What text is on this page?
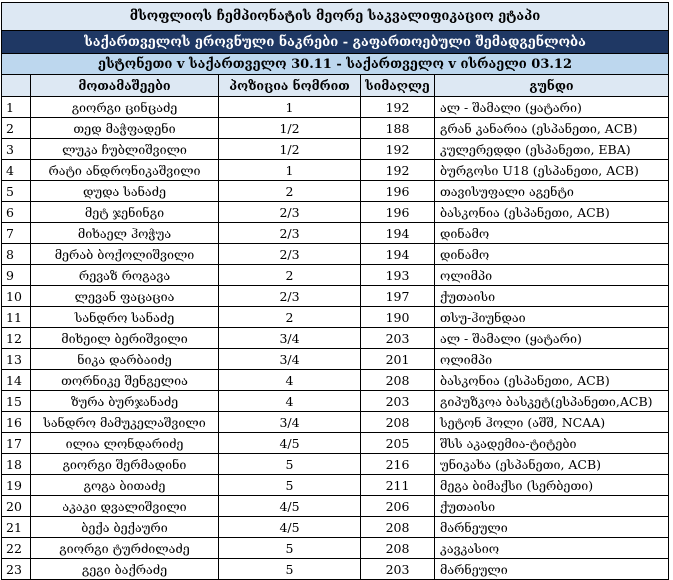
მსოფლიოს ჩემპიონატის მეორე საკვალიფიკაციო ეტაპი				
საქართველოს ეროვნული ნაკრები - გაფართოებული შემადგენლობა				
ესტონეთი v საქართველო 30.11 - საქართველო v ისრაელი 03.12				
	მოთამაშეები	პოზიცია ნომრით	სიმაღლე	გუნდი
1	გიორგი ცინცაძე	1	192	ალ - შამალი (ყატარი)
2	თედ მაჭფადენი	1/2	188	გრან კანარია (ესპანეთი, ACB)
3	ლუკა ჩუბლიშვილი	1/2	192	კულერედდი (ესპანეთი, EBA)
4	რატი ანდრონიკაშვილი	1	192	ბურგოსი U18 (ესპანეთი, ACB)
5	დუდა სანაძე	2	196	თავისუფალი აგენტი
6	მეტ ჯენინგი	2/3	196	ბასკონია (ესპანეთი, ACB)
7	მიხაელ ჰოჭუა	2/3	194	დინამო
8	მერაბ ბოქოლიშვილი	2/3	194	დინამო
9	რევაზ როგავა	2	193	ოლიმპი
10	ლევან ფაცაცია	2/3	197	ქუთაისი
11	სანდრო სანაძე	2	190	თსუ-ჰიუნდაი
12	მიხეილ ბერიშვილი	3/4	203	ალ - შამალი (ყატარი)
13	ნიკა დარბაიძე	3/4	201	ოლიმპი
14	თორნიკე შენგელია	4	208	ბასკონია (ესპანეთი, ACB)
15	ზურა ბურჯანაძე	4	203	გიპუზკოა ბასკეტ(ესპანეთი,ACB)
16	სანდრო მამუკელაშვილი	3/4	208	სეტონ ჰოლი (აშშ, NCAA)
17	ილია ლონდარიძე	4/5	205	შსს აკადემია-ტიტები
18	გიორგი შერმადინი	5	216	უნიკახა (ესპანეთი, ACB)
19	გოგა ბითაძე	5	211	მეგა ბიმაქსი (სერბეთი)
20	აკაკი დვალიშვილი	4/5	206	ქუთაისი
21	ბექა ბექაური	4/5	208	მარნეული
22	გიორგი ტურძილაძე	5	208	კავკასიო
23	გეგი ბაქრაძე	5	203	მარნეული
